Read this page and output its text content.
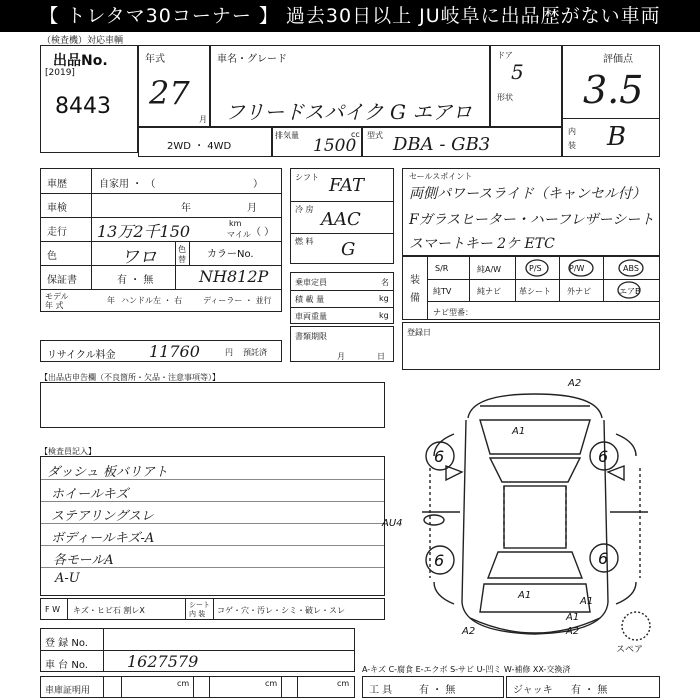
【 トレタマ30コーナー 】 過去30日以上 JU岐阜に出品歴がない車両
（検査機）対応車輌
出品No.
[2019]
8443
年式
27
月
車名・グレード
フリードスパイク G エアロ
ドア
5
形状
評価点
3.5
内
装 B
2WD ・ 4WD
排気量	cc
1500
型式 DBA - GB3
車歴	自家用 ・ （	）
車検	年	月
走行 13万2千150	km
マイル （ ）
色	ワロ	色
替 カラーNo.
保証書	有 ・ 無	NH812P
モデル
年 式
年 ハンドル 左 ・ 右	ディーラー ・ 並行
リサイクル料金 11760	円 預託済
シフト FAT
冷 房 AAC
燃 料 G
乗車定員	名
積 載 量	kg
車両重量	kg
書類期限
月	日
セールスポイント
両側パワースライド（キャンセル付）
Fガラスヒーター・ハーフレザーシート
スマートキー 2ケ ETC
装
備
S/R	純A/W	P/S	P/W	ABS
純TV	純ナビ 革シート 外ナビ	エアB
ナビ型番：
登録日
【出品店申告欄（不良箇所・欠品・注意事項等）】
【検査員記入】
ダッシュ 板バリアト
ホイールキズ
ステアリングスレ
ボディールキズ-A
各モールA
A-U
6	6
6	6
A2
A1
A1
AU4
A1
A2	A2
A1
スペア
F W キズ・ヒビ石 割レX
シート
内 装 コゲ・穴・汚レ・シミ・破レ・スレ
登 録 No.
車 台 No. 1627579	A-キズ C-腐食 E-エクボ S-サビ U-凹ミ W-補修 XX-交換済
車庫証明用
cm	cm	cm
工 具	有 ・ 無	ジャッキ 有 ・ 無
